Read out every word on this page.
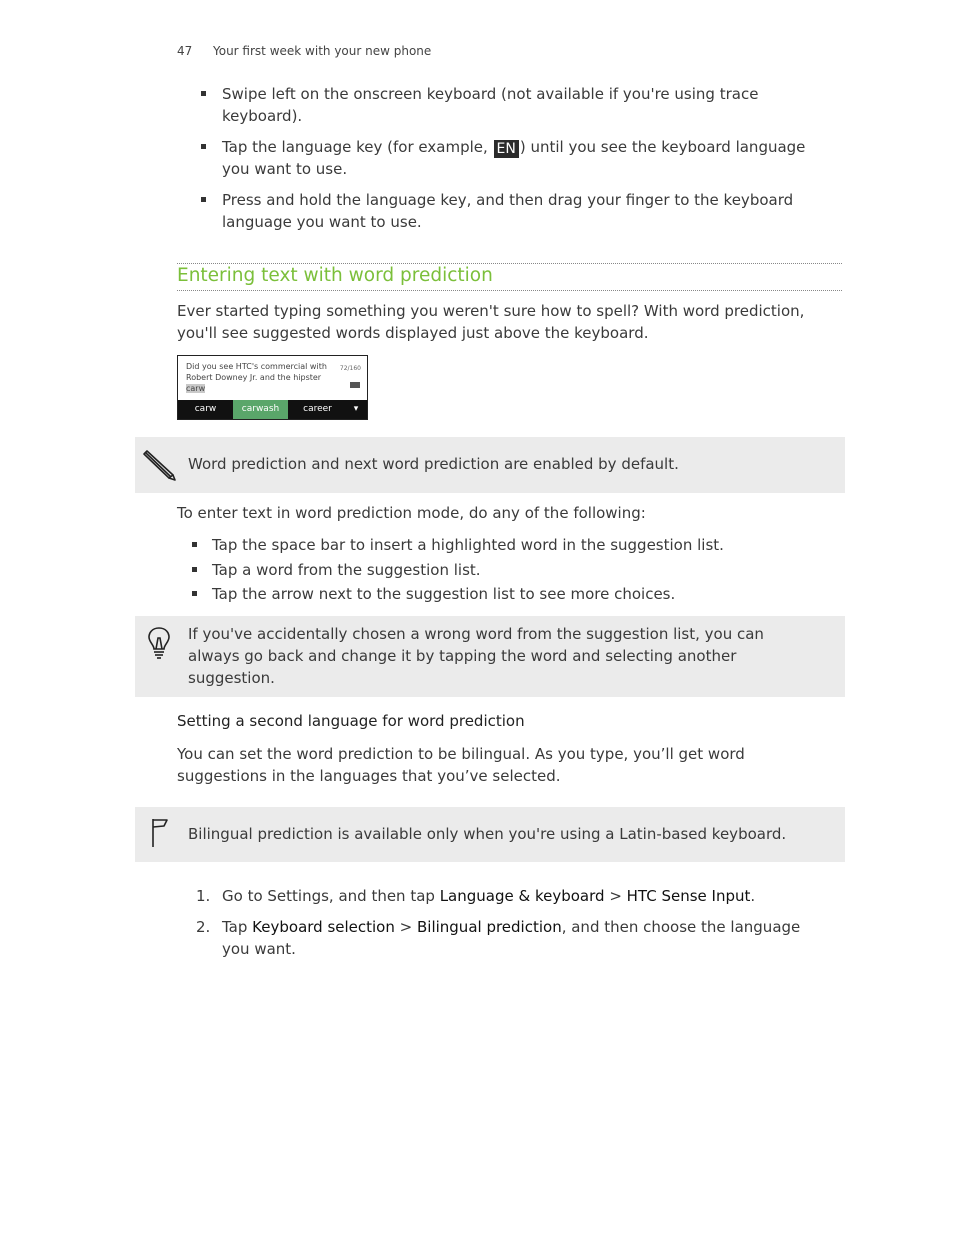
47 Your first week with your new phone
Swipe left on the onscreen keyboard (not available if you're using trace keyboard).
Tap the language key (for example, EN ) until you see the keyboard language you want to use.
Press and hold the language key, and then drag your finger to the keyboard language you want to use.
Entering text with word prediction
Ever started typing something you weren't sure how to spell? With word prediction, you'll see suggested words displayed just above the keyboard.
Did you see HTC's commercial with
Robert Downey Jr. and the hipster
carw
72/160
carw	carwash	career	▾
Word prediction and next word prediction are enabled by default.
To enter text in word prediction mode, do any of the following:
Tap the space bar to insert a highlighted word in the suggestion list.
Tap a word from the suggestion list.
Tap the arrow next to the suggestion list to see more choices.
If you've accidentally chosen a wrong word from the suggestion list, you can always go back and change it by tapping the word and selecting another suggestion.
Setting a second language for word prediction
You can set the word prediction to be bilingual. As you type, you’ll get word suggestions in the languages that you’ve selected.
Bilingual prediction is available only when you're using a Latin-based keyboard.
1. Go to Settings, and then tap Language & keyboard > HTC Sense Input.
2. Tap Keyboard selection > Bilingual prediction, and then choose the language you want.
